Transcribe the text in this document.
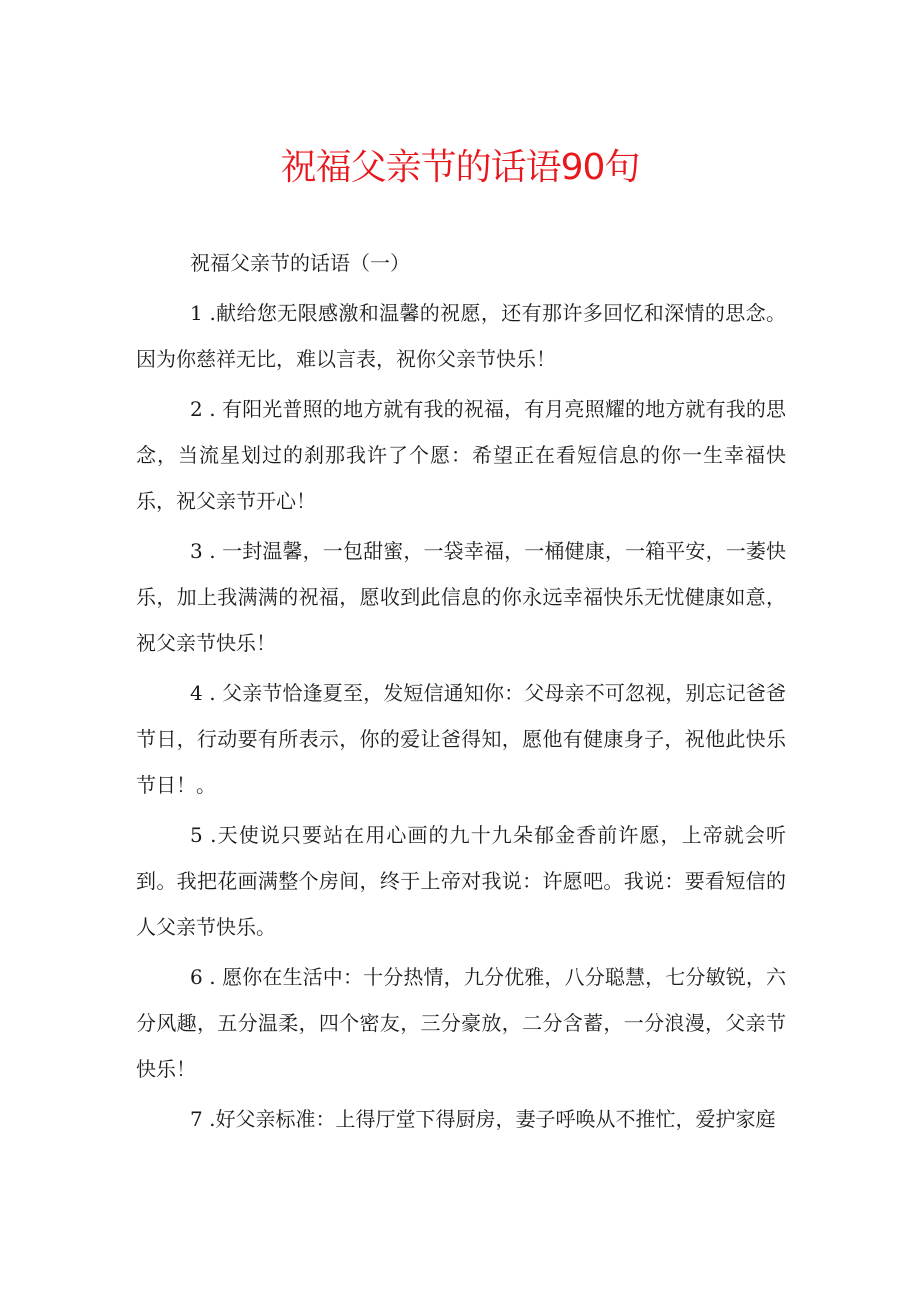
祝福父亲节的话语90句

祝福父亲节的话语（一）

1 .献给您无限感激和温馨的祝愿，还有那许多回忆和深情的思念。因为你慈祥无比，难以言表，祝你父亲节快乐！

2 . 有阳光普照的地方就有我的祝福，有月亮照耀的地方就有我的思念，当流星划过的刹那我许了个愿：希望正在看短信息的你一生幸福快乐，祝父亲节开心！

3 . 一封温馨，一包甜蜜，一袋幸福，一桶健康，一箱平安，一萎快乐，加上我满满的祝福，愿收到此信息的你永远幸福快乐无忧健康如意，祝父亲节快乐！

4 . 父亲节恰逢夏至，发短信通知你：父母亲不可忽视，别忘记爸爸节日，行动要有所表示，你的爱让爸得知，愿他有健康身子，祝他此快乐节日！。

5 .天使说只要站在用心画的九十九朵郁金香前许愿，上帝就会听到。我把花画满整个房间，终于上帝对我说：许愿吧。我说：要看短信的人父亲节快乐。

6 . 愿你在生活中：十分热情，九分优雅，八分聪慧，七分敏锐，六分风趣，五分温柔，四个密友，三分豪放，二分含蓄，一分浪漫，父亲节快乐！

7 .好父亲标准：上得厅堂下得厨房，妻子呼唤从不推忙，爱护家庭
